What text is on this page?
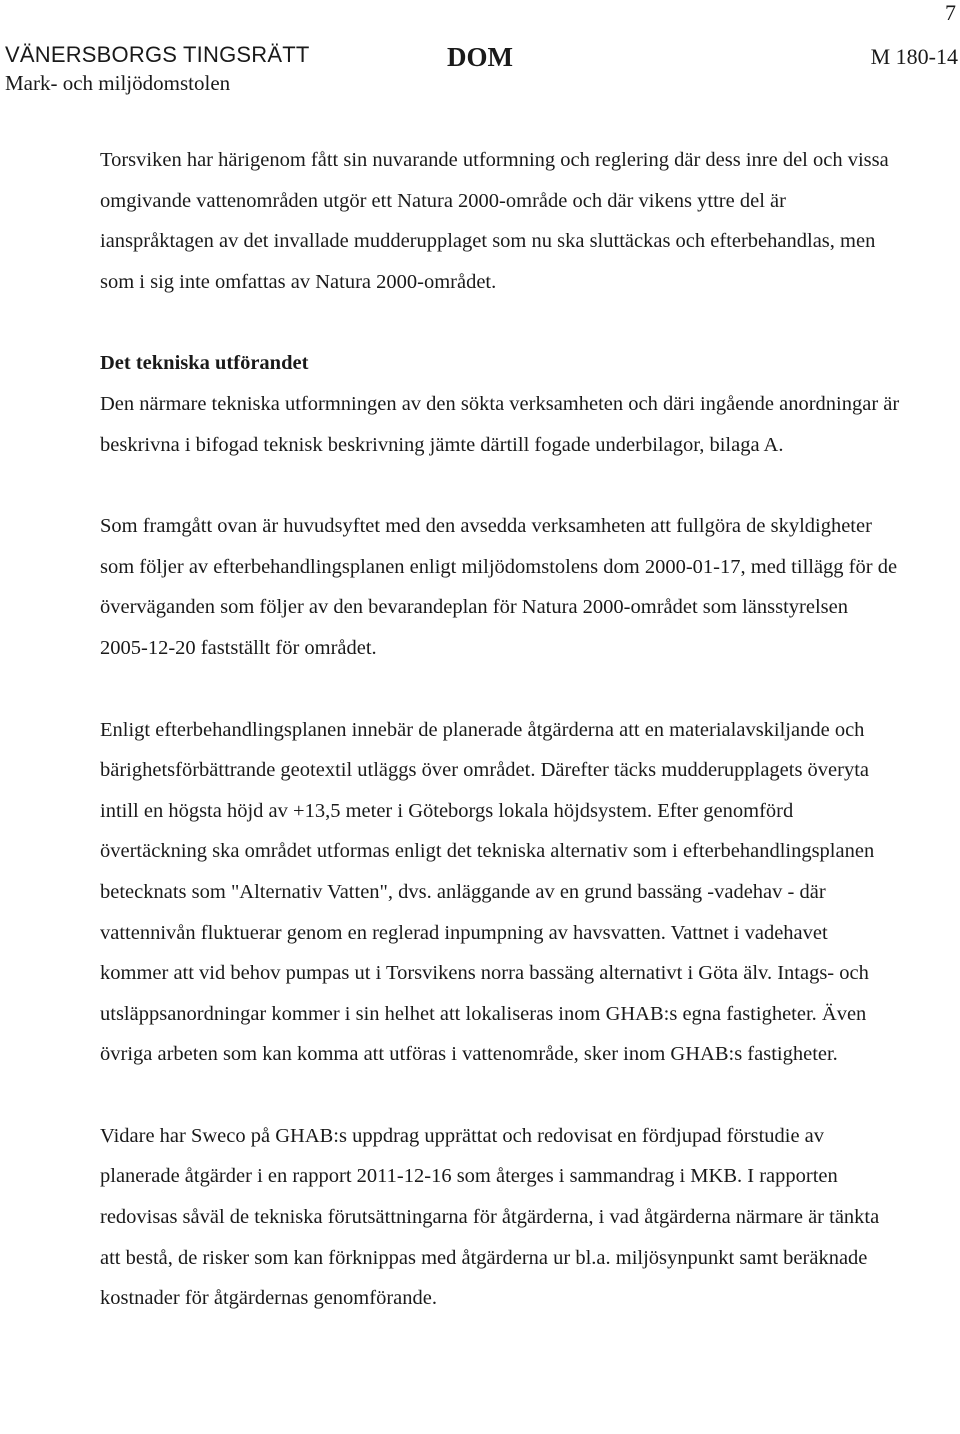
7
VÄNERSBORGS TINGSRÄTT
Mark- och miljödomstolen
DOM	M 180-14

Torsviken har härigenom fått sin nuvarande utformning och reglering där dess inre del och vissa omgivande vattenområden utgör ett Natura 2000-område och där vikens yttre del är ianspråktagen av det invallade mudderupplaget som nu ska sluttäckas och efterbehandlas, men som i sig inte omfattas av Natura 2000-området.

Det tekniska utförandet

Den närmare tekniska utformningen av den sökta verksamheten och däri ingående anordningar är beskrivna i bifogad teknisk beskrivning jämte därtill fogade underbilagor, bilaga A.

Som framgått ovan är huvudsyftet med den avsedda verksamheten att fullgöra de skyldigheter som följer av efterbehandlingsplanen enligt miljödomstolens dom 2000-01-17, med tillägg för de överväganden som följer av den bevarandeplan för Natura 2000-området som länsstyrelsen 2005-12-20 fastställt för området.

Enligt efterbehandlingsplanen innebär de planerade åtgärderna att en materialavskiljande och bärighetsförbättrande geotextil utläggs över området. Därefter täcks mudderupplagets överyta intill en högsta höjd av +13,5 meter i Göteborgs lokala höjdsystem. Efter genomförd övertäckning ska området utformas enligt det tekniska alternativ som i efterbehandlingsplanen betecknats som "Alternativ Vatten", dvs. anläggande av en grund bassäng -vadehav - där vattennivån fluktuerar genom en reglerad inpumpning av havsvatten. Vattnet i vadehavet kommer att vid behov pumpas ut i Torsvikens norra bassäng alternativt i Göta älv. Intags- och utsläppsanordningar kommer i sin helhet att lokaliseras inom GHAB:s egna fastigheter. Även övriga arbeten som kan komma att utföras i vattenområde, sker inom GHAB:s fastigheter.

Vidare har Sweco på GHAB:s uppdrag upprättat och redovisat en fördjupad förstudie av planerade åtgärder i en rapport 2011-12-16 som återges i sammandrag i MKB. I rapporten redovisas såväl de tekniska förutsättningarna för åtgärderna, i vad åtgärderna närmare är tänkta att bestå, de risker som kan förknippas med åtgärderna ur bl.a. miljösynpunkt samt beräknade kostnader för åtgärdernas genomförande.
